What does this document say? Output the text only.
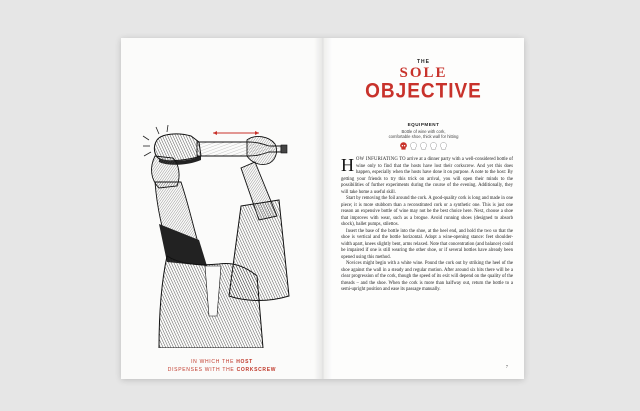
IN WHICH THE HOST
DISPENSES WITH THE CORKSCREW
THE
SOLE
OBJECTIVE
EQUIPMENT
Bottle of wine with cork,
comfortable shoe, thick wall for hitting

HOW INFURIATING TO arrive at a dinner party with a well-considered bottle of wine only to find that the hosts have lost their corkscrew. And yet this does happen, especially when the hosts have done it on purpose. A note to the host: By getting your friends to try this trick on arrival, you will open their minds to the possibilities of further experiments during the course of the evening. Additionally, they will take home a useful skill.

Start by removing the foil around the cork. A good-quality cork is long and made in one piece; it is more stubborn than a reconstituted cork or a synthetic one. This is just one reason an expensive bottle of wine may not be the best choice here. Next, choose a shoe that improves with wear, such as a brogue. Avoid running shoes (designed to absorb shock), ballet pumps, stilettos.

Insert the base of the bottle into the shoe, at the heel end, and hold the two so that the shoe is vertical and the bottle horizontal. Adopt a wine-opening stance: feet shoulder-width apart, knees slightly bent, arms relaxed. Note that concentration (and balance) could be impaired if one is still wearing the other shoe, or if several bottles have already been opened using this method.

Novices might begin with a white wine. Pound the cork out by striking the heel of the shoe against the wall in a steady and regular motion. After around six hits there will be a clear progression of the cork, though the speed of its exit will depend on the quality of the threads – and the shoe. When the cork is more than halfway out, return the bottle to a semi-upright position and ease its passage manually.

7
